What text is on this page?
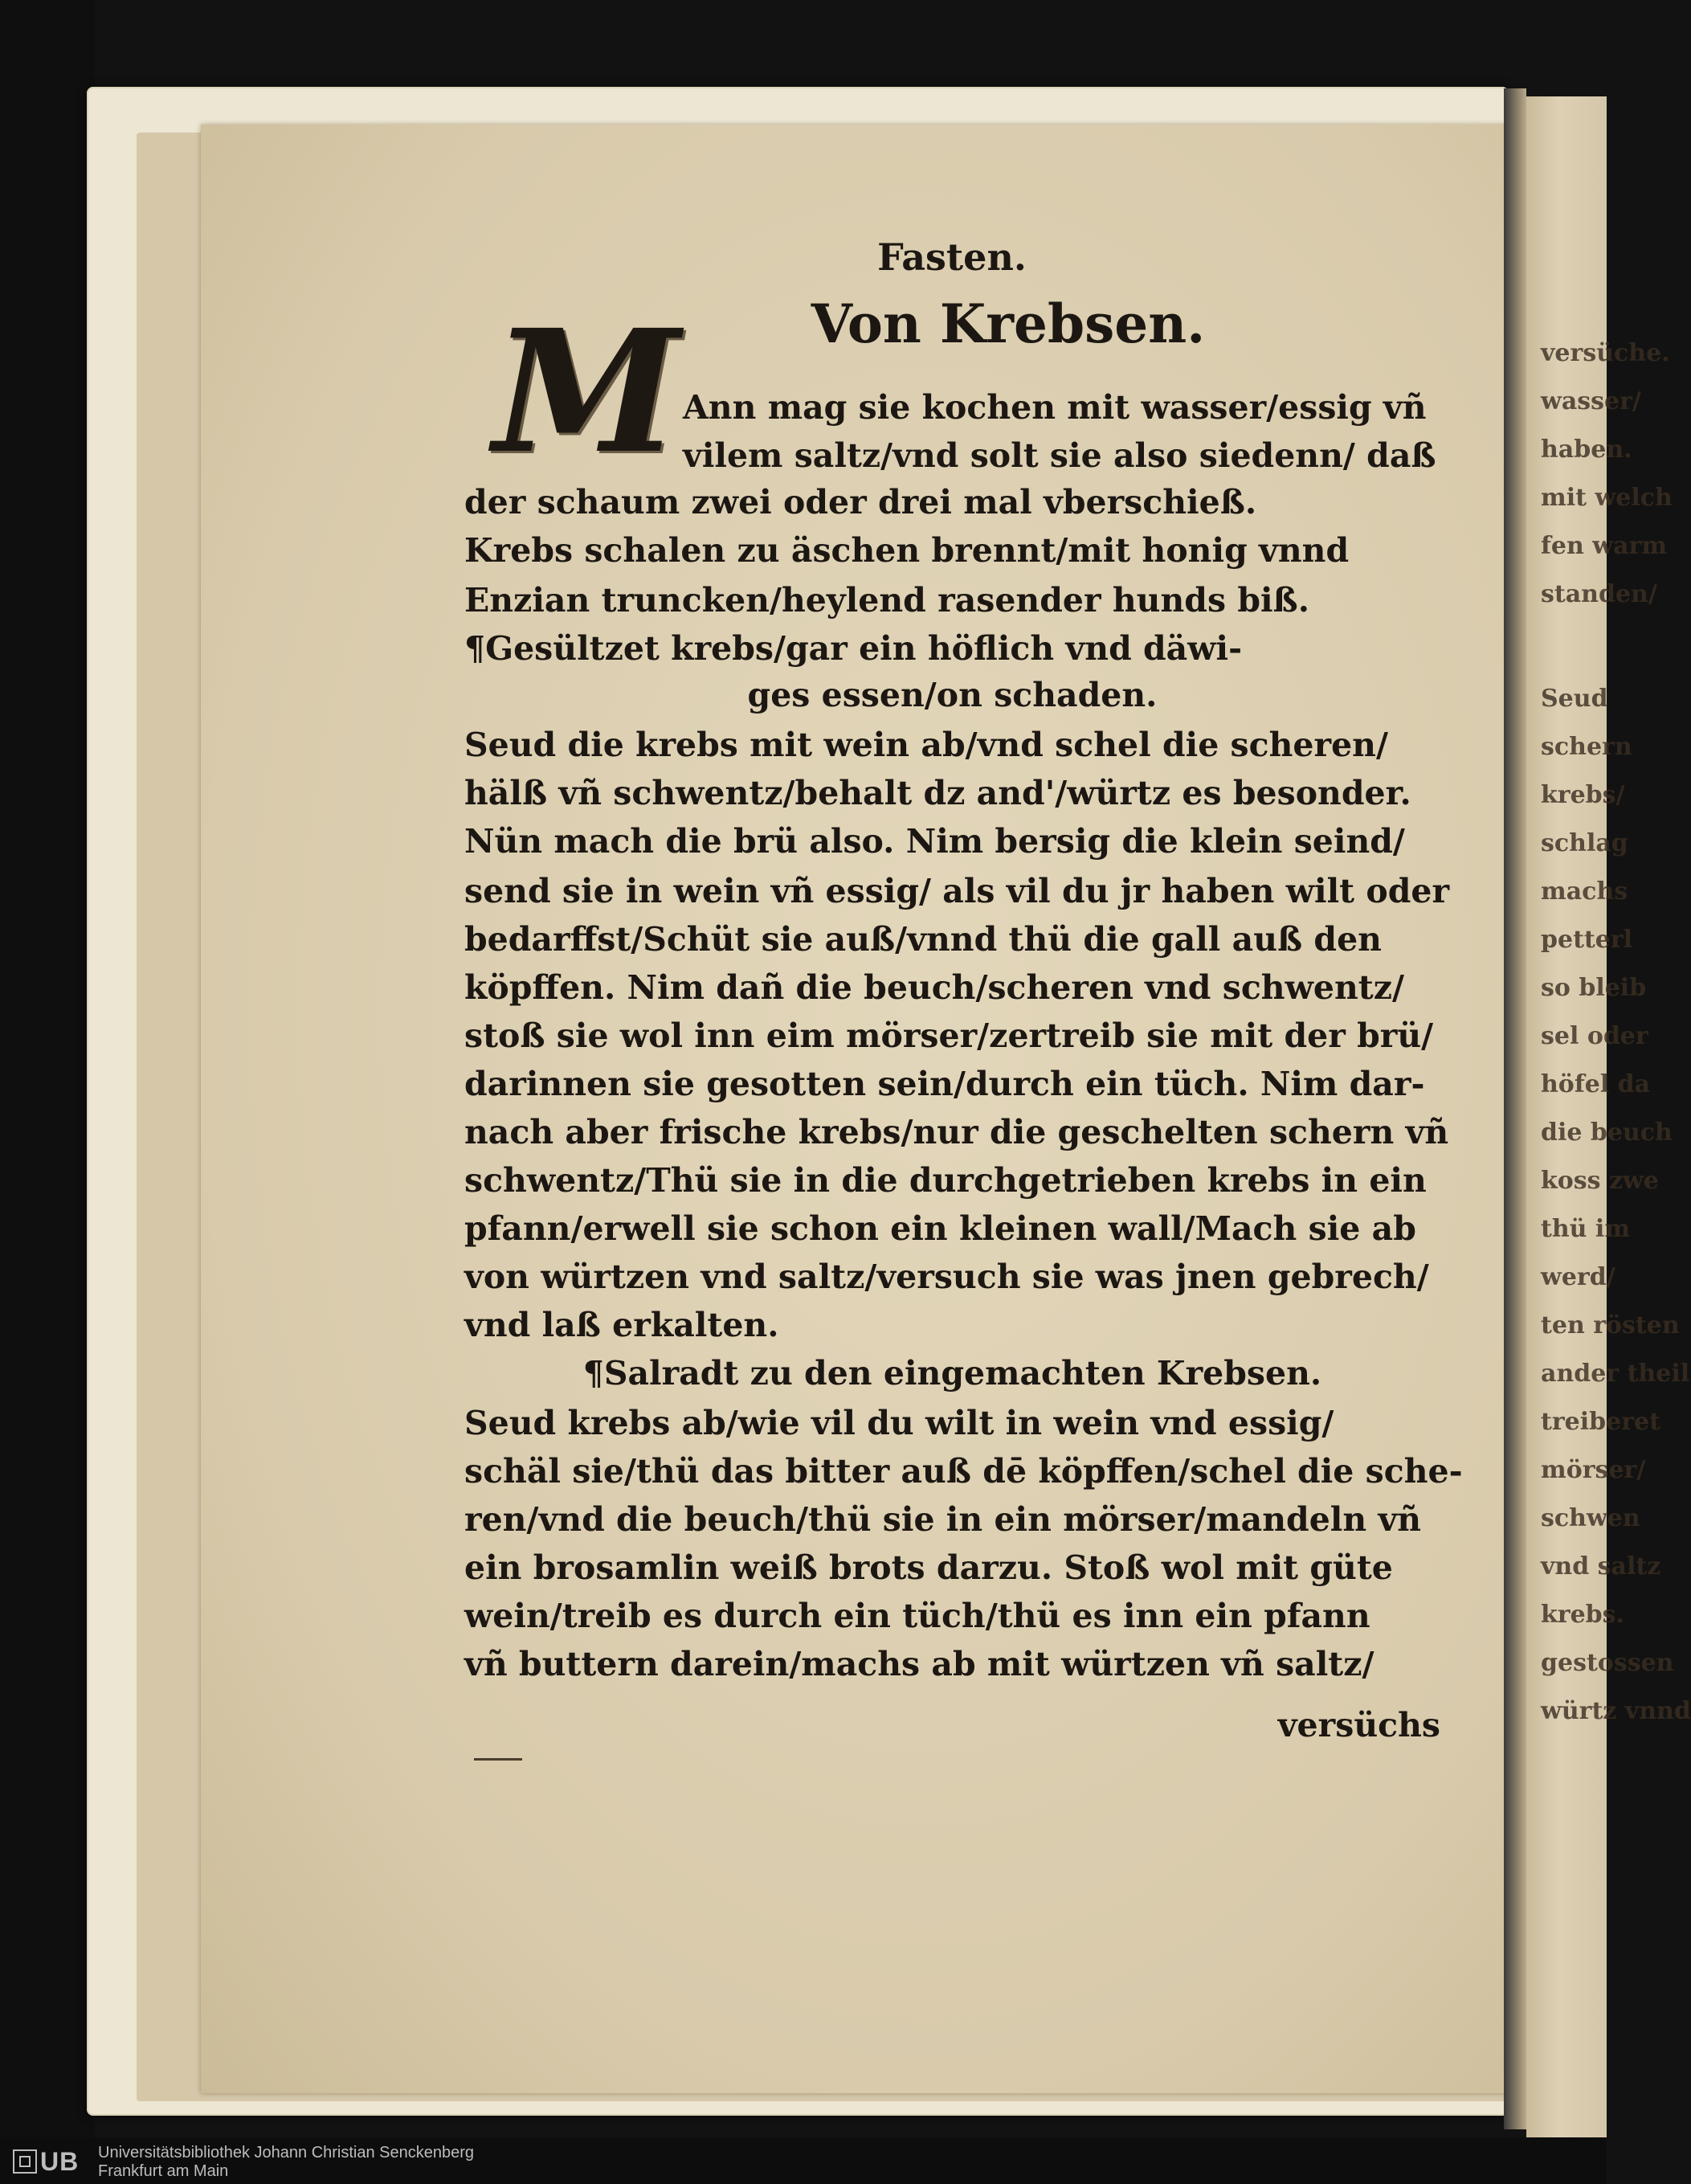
versüche.
wasser/
haben.
mit welch
fen warm
standen/
Seud
schern
krebs/
schlag
machs
petterl
so bleib
sel oder
höfel da
die beuch
koss zwe
thü im
werd/
ten rösten
ander theil
treiberet
mörser/
schwen
vnd saltz
krebs.
gestossen
würtz vnnd
Fasten.
Von Krebsen.
M Ann mag sie kochen mit wasser/essig vñ
vilem saltz/vnd solt sie also siedenn/ daß
der schaum zwei oder drei mal vberschieß.
Krebs schalen zu äschen brennt/mit honig vnnd
Enzian truncken/heylend rasender hunds biß.
¶Gesültzet krebs/gar ein höflich vnd däwi-
ges essen/on schaden.
Seud die krebs mit wein ab/vnd schel die scheren/
hälß vñ schwentz/behalt dz and'/würtz es besonder.
Nün mach die brü also. Nim bersig die klein seind/
send sie in wein vñ essig/ als vil du jr haben wilt oder
bedarffst/Schüt sie auß/vnnd thü die gall auß den
köpffen. Nim dañ die beuch/scheren vnd schwentz/
stoß sie wol inn eim mörser/zertreib sie mit der brü/
darinnen sie gesotten sein/durch ein tüch. Nim dar-
nach aber frische krebs/nur die geschelten schern vñ
schwentz/Thü sie in die durchgetrieben krebs in ein
pfann/erwell sie schon ein kleinen wall/Mach sie ab
von würtzen vnd saltz/versuch sie was jnen gebrech/
vnd laß erkalten.
¶Salradt zu den eingemachten Krebsen.
Seud krebs ab/wie vil du wilt in wein vnd essig/
schäl sie/thü das bitter auß dē köpffen/schel die sche-
ren/vnd die beuch/thü sie in ein mörser/mandeln vñ
ein brosamlin weiß brots darzu. Stoß wol mit güte
wein/treib es durch ein tüch/thü es inn ein pfann
vñ buttern darein/machs ab mit würtzen vñ saltz/
versüchs
UB Universitätsbibliothek Johann Christian Senckenberg
Frankfurt am Main
